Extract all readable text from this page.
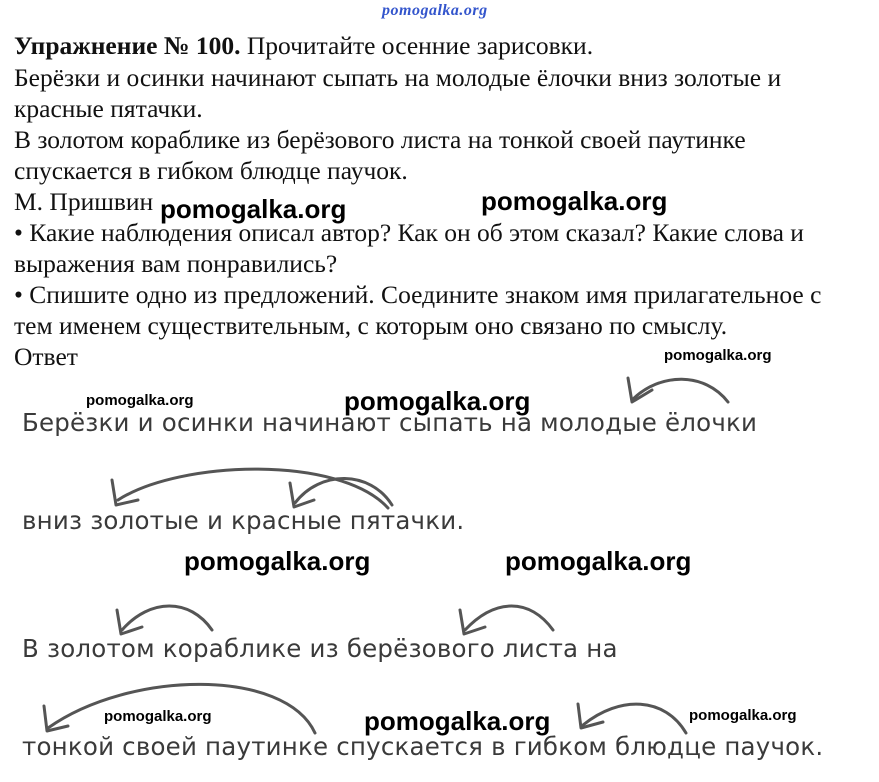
pomogalka.org
Упражнение № 100. Прочитайте осенние зарисовки.
Берёзки и осинки начинают сыпать на молодые ёлочки вниз золотые и
красные пятачки.
В золотом кораблике из берёзового листа на тонкой своей паутинке
спускается в гибком блюдце паучок.
М. Пришвин
• Какие наблюдения описал автор? Как он об этом сказал? Какие слова и
выражения вам понравились?
• Спишите одно из предложений. Соедините знаком имя прилагательное с
тем именем существительным, с которым оно связано по смыслу.
Ответ
Берёзки и осинки начинают сыпать на молодые ёлочки
вниз золотые и красные пятачки.
В золотом кораблике из берёзового листа на
тонкой своей паутинке спускается в гибком блюдце паучок.
pomogalka.org	pomogalka.org
pomogalka.org
pomogalka.org	pomogalka.org
pomogalka.org	pomogalka.org
pomogalka.org	pomogalka.org	pomogalka.org
